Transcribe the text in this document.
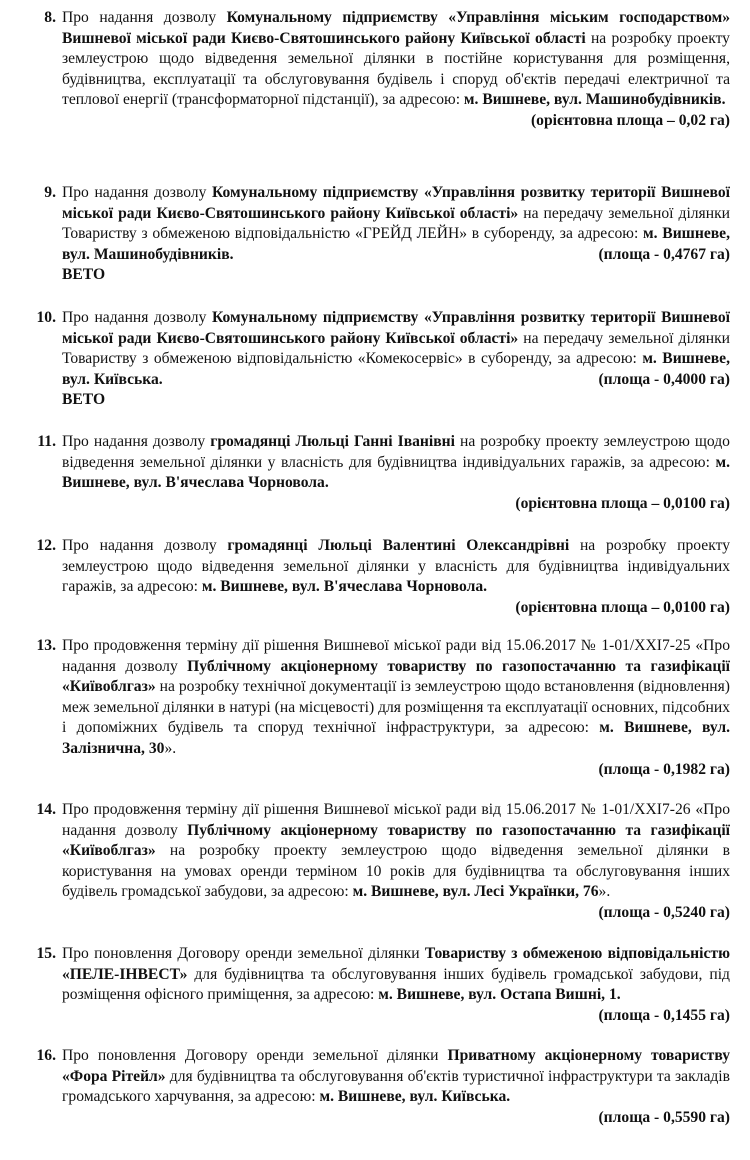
8. Про надання дозволу Комунальному підприємству «Управління міським господарством» Вишневої міської ради Києво-Святошинського району Київської області на розробку проекту землеустрою щодо відведення земельної ділянки в постійне користування для розміщення, будівництва, експлуатації та обслуговування будівель і споруд об'єктів передачі електричної та теплової енергії (трансформаторної підстанції), за адресою: м. Вишневе, вул. Машинобудівників.
(орієнтовна площа – 0,02 га)
9. Про надання дозволу Комунальному підприємству «Управління розвитку території Вишневої міської ради Києво-Святошинського району Київської області» на передачу земельної ділянки Товариству з обмеженою відповідальністю «ГРЕЙД ЛЕЙН» в суборенду, за адресою: м. Вишневе, вул. Машинобудівників.	(площа - 0,4767 га)
ВЕТО
10. Про надання дозволу Комунальному підприємству «Управління розвитку території Вишневої міської ради Києво-Святошинського району Київської області» на передачу земельної ділянки Товариству з обмеженою відповідальністю «Комекосервіс» в суборенду, за адресою: м. Вишневе, вул. Київська.	(площа - 0,4000 га)
ВЕТО
11. Про надання дозволу громадянці Люльці Ганні Іванівні на розробку проекту землеустрою щодо відведення земельної ділянки у власність для будівництва індивідуальних гаражів, за адресою: м. Вишневе, вул. В'ячеслава Чорновола.
(орієнтовна площа – 0,0100 га)
12. Про надання дозволу громадянці Люльці Валентині Олександрівні на розробку проекту землеустрою щодо відведення земельної ділянки у власність для будівництва індивідуальних гаражів, за адресою: м. Вишневе, вул. В'ячеслава Чорновола.
(орієнтовна площа – 0,0100 га)
13. Про продовження терміну дії рішення Вишневої міської ради від 15.06.2017 № 1-01/XXI7-25 «Про надання дозволу Публічному акціонерному товариству по газопостачанню та газифікації «Київоблгаз» на розробку технічної документації із землеустрою щодо встановлення (відновлення) меж земельної ділянки в натурі (на місцевості) для розміщення та експлуатації основних, підсобних і допоміжних будівель та споруд технічної інфраструктури, за адресою: м. Вишневе, вул. Залізнична, 30».
(площа - 0,1982 га)
14. Про продовження терміну дії рішення Вишневої міської ради від 15.06.2017 № 1-01/XXI7-26 «Про надання дозволу Публічному акціонерному товариству по газопостачанню та газифікації «Київоблгаз» на розробку проекту землеустрою щодо відведення земельної ділянки в користування на умовах оренди терміном 10 років для будівництва та обслуговування інших будівель громадської забудови, за адресою: м. Вишневе, вул. Лесі Українки, 76».
(площа - 0,5240 га)
15. Про поновлення Договору оренди земельної ділянки Товариству з обмеженою відповідальністю «ПЕЛЕ-ІНВЕСТ» для будівництва та обслуговування інших будівель громадської забудови, під розміщення офісного приміщення, за адресою: м. Вишневе, вул. Остапа Вишні, 1.
(площа - 0,1455 га)
16. Про поновлення Договору оренди земельної ділянки Приватному акціонерному товариству «Фора Рітейл» для будівництва та обслуговування об'єктів туристичної інфраструктури та закладів громадського харчування, за адресою: м. Вишневе, вул. Київська.
(площа - 0,5590 га)
